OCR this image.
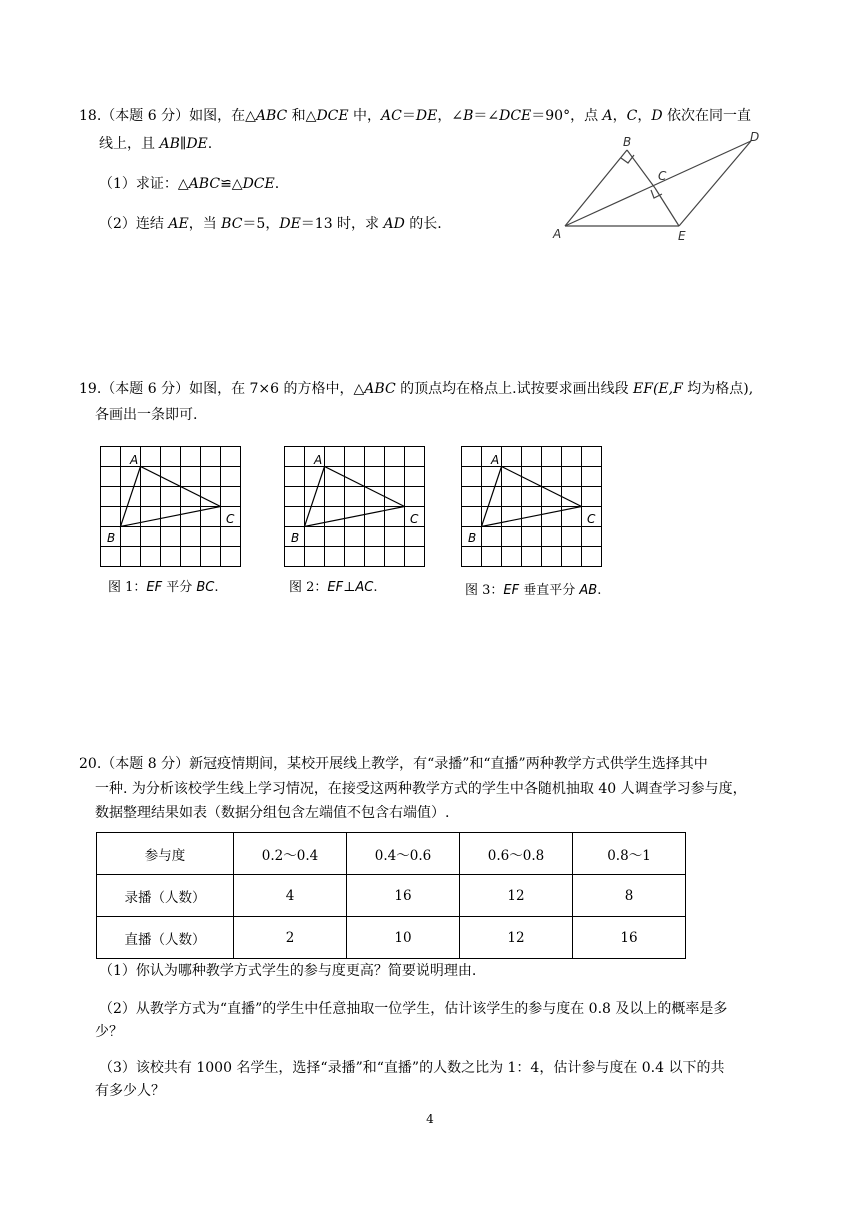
18.（本题 6 分）如图，在△ABC 和△DCE 中，AC＝DE，∠B＝∠DCE＝90°，点 A，C，D 依次在同一直
线上，且 AB∥DE.
（1）求证：△ABC≌△DCE.
（2）连结 AE，当 BC＝5，DE＝13 时，求 AD 的长.
A
B
C
D
E
19.（本题 6 分）如图，在 7×6 的方格中，△ABC 的顶点均在格点上.试按要求画出线段 EF(E,F 均为格点),
各画出一条即可.
A
B
C
A
B
C
A
B
C
图 1：EF 平分 BC.	图 2：EF⊥AC.	图 3：EF 垂直平分 AB.
20.（本题 8 分）新冠疫情期间，某校开展线上教学，有“录播”和“直播”两种教学方式供学生选择其中
一种. 为分析该校学生线上学习情况，在接受这两种教学方式的学生中各随机抽取 40 人调查学习参与度，
数据整理结果如表（数据分组包含左端值不包含右端值）.
参与度	0.2～0.4	0.4～0.6	0.6～0.8	0.8～1
录播（人数）	4	16	12	8
直播（人数）	2	10	12	16
（1）你认为哪种教学方式学生的参与度更高？简要说明理由.
（2）从教学方式为“直播”的学生中任意抽取一位学生，估计该学生的参与度在 0.8 及以上的概率是多
少？
（3）该校共有 1000 名学生，选择“录播”和“直播”的人数之比为 1：4，估计参与度在 0.4 以下的共
有多少人？
4
